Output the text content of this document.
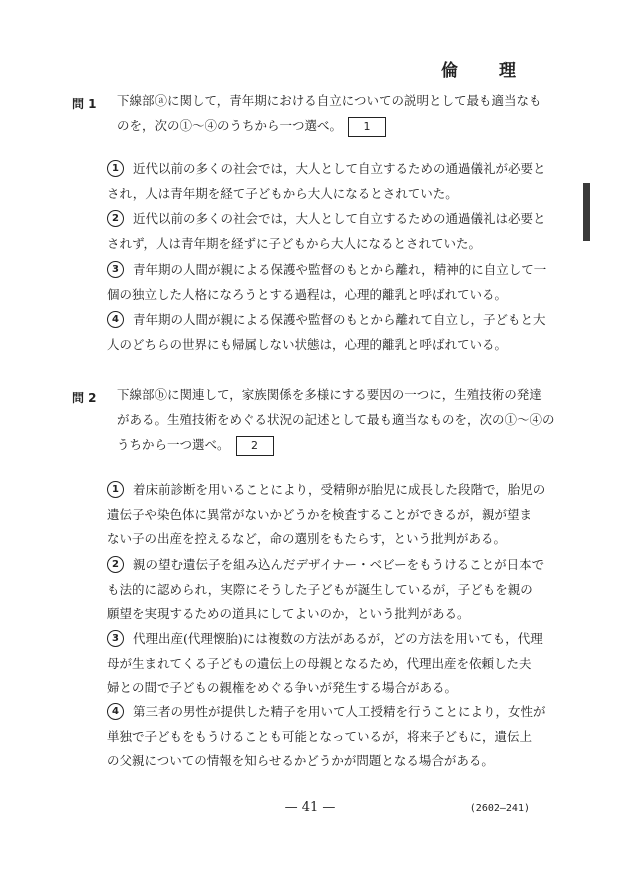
倫　理
問 1 下線部ⓐに関して，青年期における自立についての説明として最も適当なも
のを，次の①～④のうちから一つ選べ。 1
1	近代以前の多くの社会では，大人として自立するための通過儀礼が必要と
され，人は青年期を経て子どもから大人になるとされていた。
2	近代以前の多くの社会では，大人として自立するための通過儀礼は必要と
されず，人は青年期を経ずに子どもから大人になるとされていた。
3	青年期の人間が親による保護や監督のもとから離れ，精神的に自立して一
個の独立した人格になろうとする過程は，心理的離乳と呼ばれている。
4	青年期の人間が親による保護や監督のもとから離れて自立し，子どもと大
人のどちらの世界にも帰属しない状態は，心理的離乳と呼ばれている。
問 2 下線部ⓑに関連して，家族関係を多様にする要因の一つに，生殖技術の発達
がある。生殖技術をめぐる状況の記述として最も適当なものを，次の①～④の
うちから一つ選べ。 2
1	着床前診断を用いることにより，受精卵が胎児に成長した段階で，胎児の
遺伝子や染色体に異常がないかどうかを検査することができるが，親が望ま
ない子の出産を控えるなど，命の選別をもたらす，という批判がある。
2	親の望む遺伝子を組み込んだデザイナー・ベビーをもうけることが日本で
も法的に認められ，実際にそうした子どもが誕生しているが，子どもを親の
願望を実現するための道具にしてよいのか，という批判がある。
3	代理出産(代理懐胎)には複数の方法があるが，どの方法を用いても，代理
母が生まれてくる子どもの遺伝上の母親となるため，代理出産を依頼した夫
婦との間で子どもの親権をめぐる争いが発生する場合がある。
4	第三者の男性が提供した精子を用いて人工授精を行うことにより，女性が
単独で子どもをもうけることも可能となっているが，将来子どもに，遺伝上
の父親についての情報を知らせるかどうかが問題となる場合がある。
— 41 —	(2602—241)
